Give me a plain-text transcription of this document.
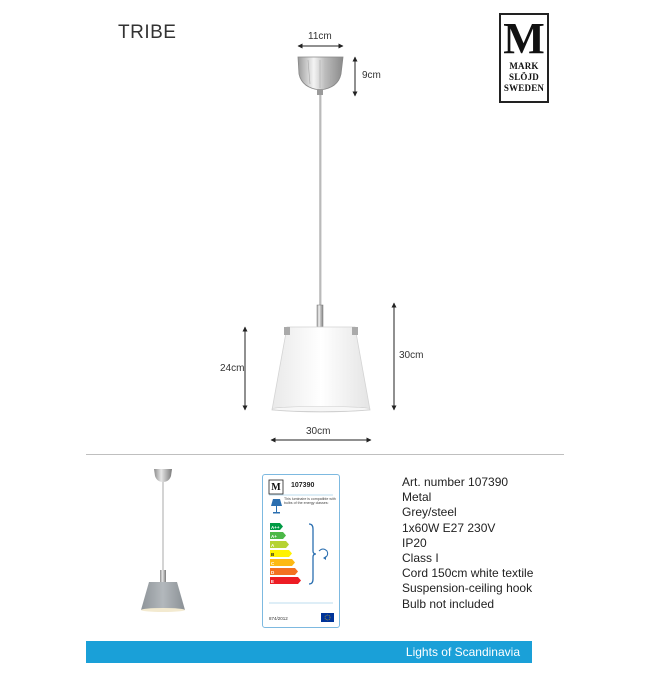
TRIBE	M
MARK
SLÖJD
SWEDEN
11cm
9cm
24cm
30cm
30cm
M 107390
This luminaire is compatible with bulbs of the energy classes:
A++
A+
A
B
C
D
E
874/2012
Art. number 107390
Metal
Grey/steel
1x60W E27 230V
IP20
Class I
Cord 150cm white textile
Suspension-ceiling hook
Bulb not included
Lights of Scandinavia
